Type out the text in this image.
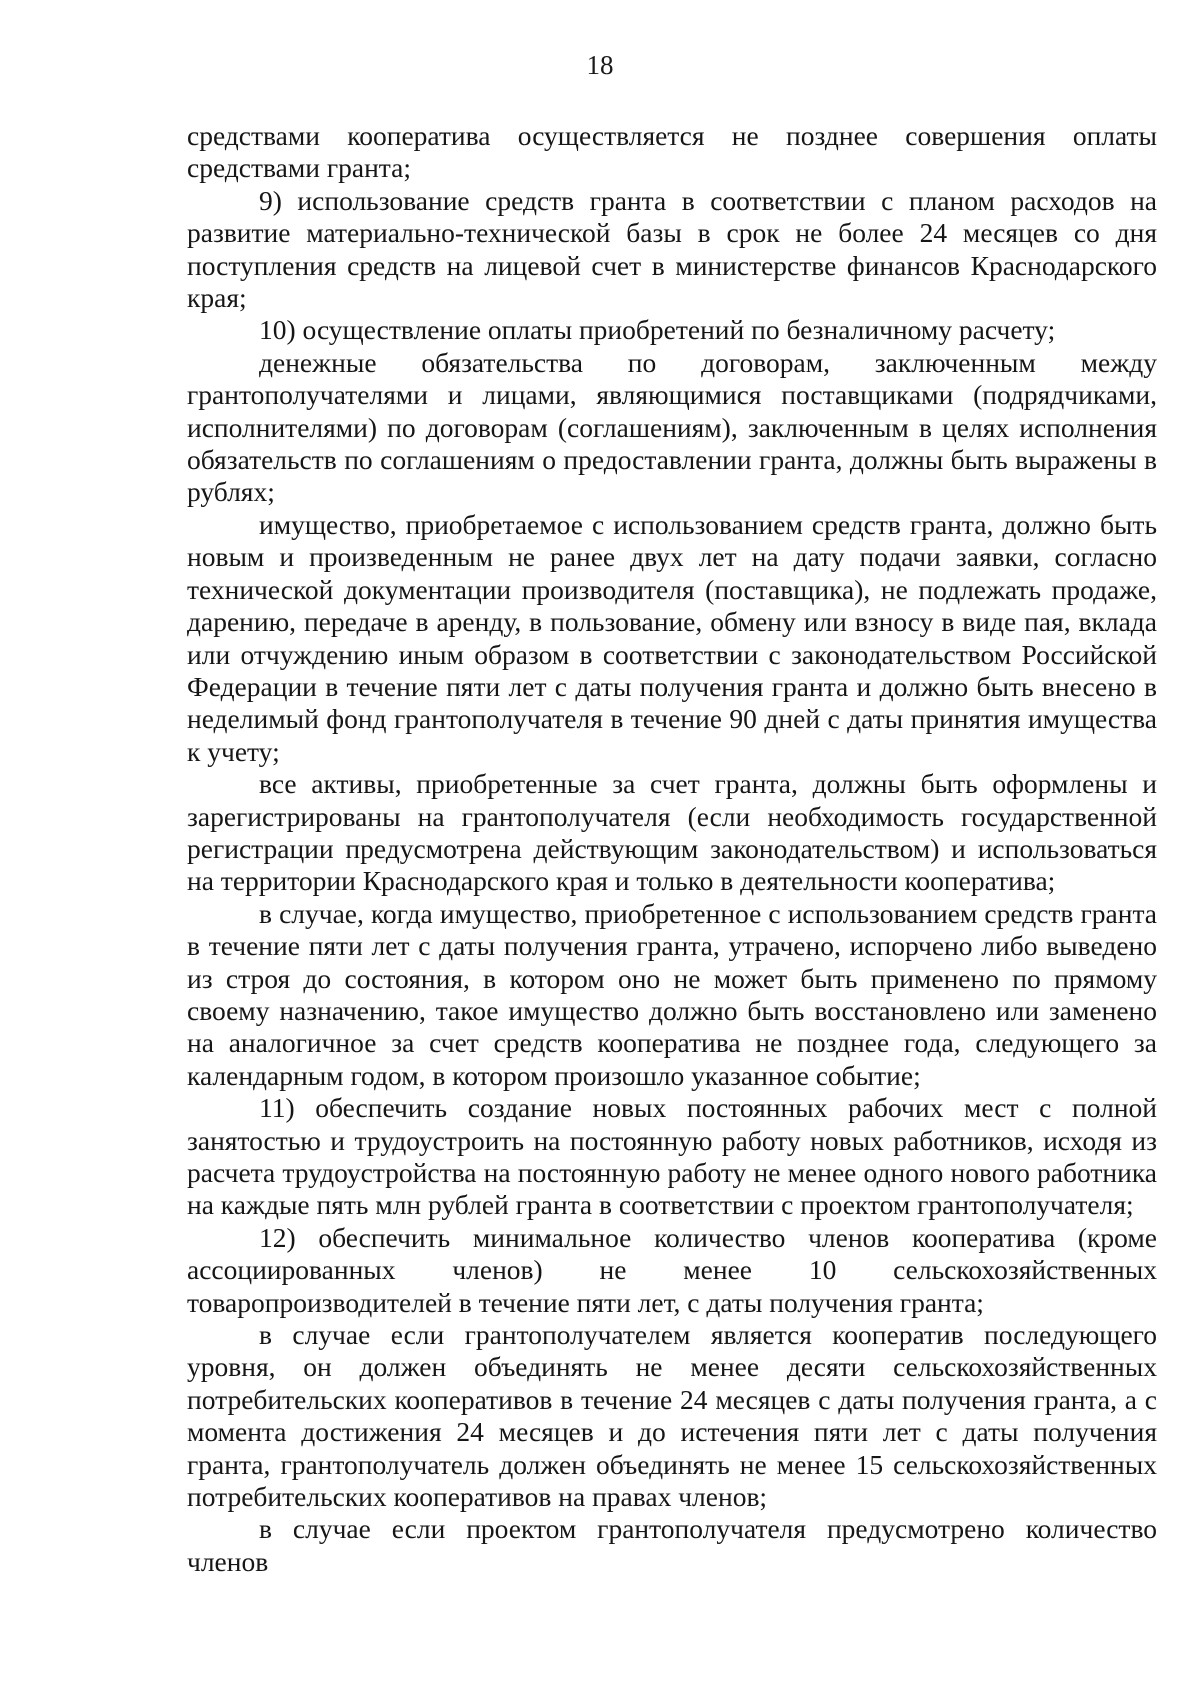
18

средствами кооператива осуществляется не позднее совершения оплаты средствами гранта;

9) использование средств гранта в соответствии с планом расходов на развитие материально-технической базы в срок не более 24 месяцев со дня поступления средств на лицевой счет в министерстве финансов Краснодарского края;

10) осуществление оплаты приобретений по безналичному расчету;

денежные обязательства по договорам, заключенным между грантополучателями и лицами, являющимися поставщиками (подрядчиками, исполнителями) по договорам (соглашениям), заключенным в целях исполнения обязательств по соглашениям о предоставлении гранта, должны быть выражены в рублях;

имущество, приобретаемое с использованием средств гранта, должно быть новым и произведенным не ранее двух лет на дату подачи заявки, согласно технической документации производителя (поставщика), не подлежать продаже, дарению, передаче в аренду, в пользование, обмену или взносу в виде пая, вклада или отчуждению иным образом в соответствии с законодательством Российской Федерации в течение пяти лет с даты получения гранта и должно быть внесено в неделимый фонд грантополучателя в течение 90 дней с даты принятия имущества к учету;

все активы, приобретенные за счет гранта, должны быть оформлены и зарегистрированы на грантополучателя (если необходимость государственной регистрации предусмотрена действующим законодательством) и использоваться на территории Краснодарского края и только в деятельности кооператива;

в случае, когда имущество, приобретенное с использованием средств гранта в течение пяти лет с даты получения гранта, утрачено, испорчено либо выведено из строя до состояния, в котором оно не может быть применено по прямому своему назначению, такое имущество должно быть восстановлено или заменено на аналогичное за счет средств кооператива не позднее года, следующего за календарным годом, в котором произошло указанное событие;

11) обеспечить создание новых постоянных рабочих мест с полной занятостью и трудоустроить на постоянную работу новых работников, исходя из расчета трудоустройства на постоянную работу не менее одного нового работника на каждые пять млн рублей гранта в соответствии с проектом грантополучателя;

12) обеспечить минимальное количество членов кооператива (кроме ассоциированных членов) не менее 10 сельскохозяйственных товаропроизводителей в течение пяти лет, с даты получения гранта;

в случае если грантополучателем является кооператив последующего уровня, он должен объединять не менее десяти сельскохозяйственных потребительских кооперативов в течение 24 месяцев с даты получения гранта, а с момента достижения 24 месяцев и до истечения пяти лет с даты получения гранта, грантополучатель должен объединять не менее 15 сельскохозяйственных потребительских кооперативов на правах членов;

в случае если проектом грантополучателя предусмотрено количество членов
